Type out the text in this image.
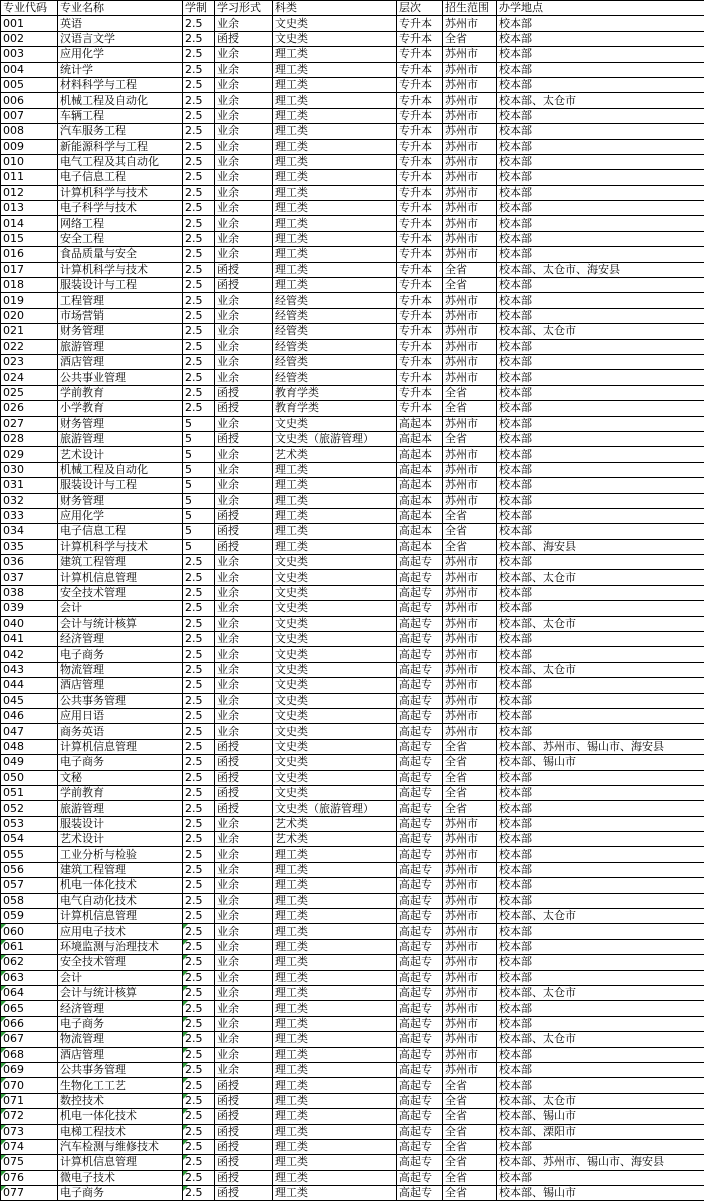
专业代码	专业名称	学制	学习形式	科类	层次	招生范围	办学地点
001	英语	2.5	业余	文史类	专升本	苏州市	校本部
002	汉语言文学	2.5	函授	文史类	专升本	全省	校本部
003	应用化学	2.5	业余	理工类	专升本	苏州市	校本部
004	统计学	2.5	业余	理工类	专升本	苏州市	校本部
005	材料科学与工程	2.5	业余	理工类	专升本	苏州市	校本部
006	机械工程及自动化	2.5	业余	理工类	专升本	苏州市	校本部、太仓市
007	车辆工程	2.5	业余	理工类	专升本	苏州市	校本部
008	汽车服务工程	2.5	业余	理工类	专升本	苏州市	校本部
009	新能源科学与工程	2.5	业余	理工类	专升本	苏州市	校本部
010	电气工程及其自动化	2.5	业余	理工类	专升本	苏州市	校本部
011	电子信息工程	2.5	业余	理工类	专升本	苏州市	校本部
012	计算机科学与技术	2.5	业余	理工类	专升本	苏州市	校本部
013	电子科学与技术	2.5	业余	理工类	专升本	苏州市	校本部
014	网络工程	2.5	业余	理工类	专升本	苏州市	校本部
015	安全工程	2.5	业余	理工类	专升本	苏州市	校本部
016	食品质量与安全	2.5	业余	理工类	专升本	苏州市	校本部
017	计算机科学与技术	2.5	函授	理工类	专升本	全省	校本部、太仓市、海安县
018	服装设计与工程	2.5	函授	理工类	专升本	全省	校本部
019	工程管理	2.5	业余	经管类	专升本	苏州市	校本部
020	市场营销	2.5	业余	经管类	专升本	苏州市	校本部
021	财务管理	2.5	业余	经管类	专升本	苏州市	校本部、太仓市
022	旅游管理	2.5	业余	经管类	专升本	苏州市	校本部
023	酒店管理	2.5	业余	经管类	专升本	苏州市	校本部
024	公共事业管理	2.5	业余	经管类	专升本	苏州市	校本部
025	学前教育	2.5	函授	教育学类	专升本	全省	校本部
026	小学教育	2.5	函授	教育学类	专升本	全省	校本部
027	财务管理	5	业余	文史类	高起本	苏州市	校本部
028	旅游管理	5	函授	文史类（旅游管理）	高起本	全省	校本部
029	艺术设计	5	业余	艺术类	高起本	苏州市	校本部
030	机械工程及自动化	5	业余	理工类	高起本	苏州市	校本部
031	服装设计与工程	5	业余	理工类	高起本	苏州市	校本部
032	财务管理	5	业余	理工类	高起本	苏州市	校本部
033	应用化学	5	函授	理工类	高起本	全省	校本部
034	电子信息工程	5	函授	理工类	高起本	全省	校本部
035	计算机科学与技术	5	函授	理工类	高起本	全省	校本部、海安县
036	建筑工程管理	2.5	业余	文史类	高起专	苏州市	校本部
037	计算机信息管理	2.5	业余	文史类	高起专	苏州市	校本部、太仓市
038	安全技术管理	2.5	业余	文史类	高起专	苏州市	校本部
039	会计	2.5	业余	文史类	高起专	苏州市	校本部
040	会计与统计核算	2.5	业余	文史类	高起专	苏州市	校本部、太仓市
041	经济管理	2.5	业余	文史类	高起专	苏州市	校本部
042	电子商务	2.5	业余	文史类	高起专	苏州市	校本部
043	物流管理	2.5	业余	文史类	高起专	苏州市	校本部、太仓市
044	酒店管理	2.5	业余	文史类	高起专	苏州市	校本部
045	公共事务管理	2.5	业余	文史类	高起专	苏州市	校本部
046	应用日语	2.5	业余	文史类	高起专	苏州市	校本部
047	商务英语	2.5	业余	文史类	高起专	苏州市	校本部
048	计算机信息管理	2.5	函授	文史类	高起专	全省	校本部、苏州市、锡山市、海安县
049	电子商务	2.5	函授	文史类	高起专	全省	校本部、锡山市
050	文秘	2.5	函授	文史类	高起专	全省	校本部
051	学前教育	2.5	函授	文史类	高起专	全省	校本部
052	旅游管理	2.5	函授	文史类（旅游管理）	高起专	全省	校本部
053	服装设计	2.5	业余	艺术类	高起专	苏州市	校本部
054	艺术设计	2.5	业余	艺术类	高起专	苏州市	校本部
055	工业分析与检验	2.5	业余	理工类	高起专	苏州市	校本部
056	建筑工程管理	2.5	业余	理工类	高起专	苏州市	校本部
057	机电一体化技术	2.5	业余	理工类	高起专	苏州市	校本部
058	电气自动化技术	2.5	业余	理工类	高起专	苏州市	校本部
059	计算机信息管理	2.5	业余	理工类	高起专	苏州市	校本部、太仓市
060	应用电子技术	2.5	业余	理工类	高起专	苏州市	校本部
061	环境监测与治理技术	2.5	业余	理工类	高起专	苏州市	校本部
062	安全技术管理	2.5	业余	理工类	高起专	苏州市	校本部
063	会计	2.5	业余	理工类	高起专	苏州市	校本部
064	会计与统计核算	2.5	业余	理工类	高起专	苏州市	校本部、太仓市
065	经济管理	2.5	业余	理工类	高起专	苏州市	校本部
066	电子商务	2.5	业余	理工类	高起专	苏州市	校本部
067	物流管理	2.5	业余	理工类	高起专	苏州市	校本部、太仓市
068	酒店管理	2.5	业余	理工类	高起专	苏州市	校本部
069	公共事务管理	2.5	业余	理工类	高起专	苏州市	校本部
070	生物化工工艺	2.5	函授	理工类	高起专	全省	校本部
071	数控技术	2.5	函授	理工类	高起专	全省	校本部、太仓市
072	机电一体化技术	2.5	函授	理工类	高起专	全省	校本部、锡山市
073	电梯工程技术	2.5	函授	理工类	高起专	全省	校本部、溧阳市
074	汽车检测与维修技术	2.5	函授	理工类	高起专	全省	校本部
075	计算机信息管理	2.5	函授	理工类	高起专	全省	校本部、苏州市、锡山市、海安县
076	微电子技术	2.5	函授	理工类	高起专	全省	校本部
077	电子商务	2.5	函授	理工类	高起专	全省	校本部、锡山市
